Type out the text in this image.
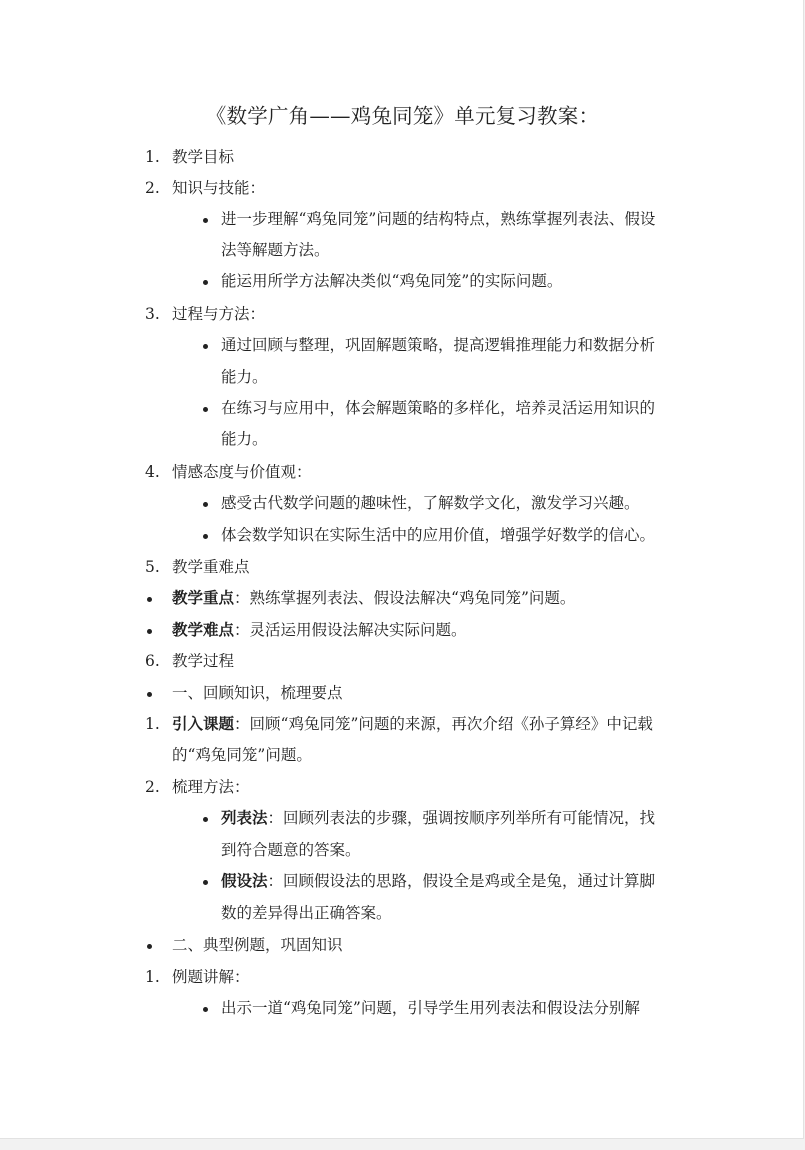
《数学广角——鸡兔同笼》单元复习教案：
1. 教学目标
2. 知识与技能：
进一步理解“鸡兔同笼”问题的结构特点，熟练掌握列表法、假设
法等解题方法。
能运用所学方法解决类似“鸡兔同笼”的实际问题。
3. 过程与方法：
通过回顾与整理，巩固解题策略，提高逻辑推理能力和数据分析
能力。
在练习与应用中，体会解题策略的多样化，培养灵活运用知识的
能力。
4. 情感态度与价值观：
感受古代数学问题的趣味性，了解数学文化，激发学习兴趣。
体会数学知识在实际生活中的应用价值，增强学好数学的信心。
5. 教学重难点
教学重点：熟练掌握列表法、假设法解决“鸡兔同笼”问题。
教学难点：灵活运用假设法解决实际问题。
6. 教学过程
一、回顾知识，梳理要点
1. 引入课题：回顾“鸡兔同笼”问题的来源，再次介绍《孙子算经》中记载
的“鸡兔同笼”问题。
2. 梳理方法：
列表法：回顾列表法的步骤，强调按顺序列举所有可能情况，找
到符合题意的答案。
假设法：回顾假设法的思路，假设全是鸡或全是兔，通过计算脚
数的差异得出正确答案。
二、典型例题，巩固知识
1. 例题讲解：
出示一道“鸡兔同笼”问题，引导学生用列表法和假设法分别解
